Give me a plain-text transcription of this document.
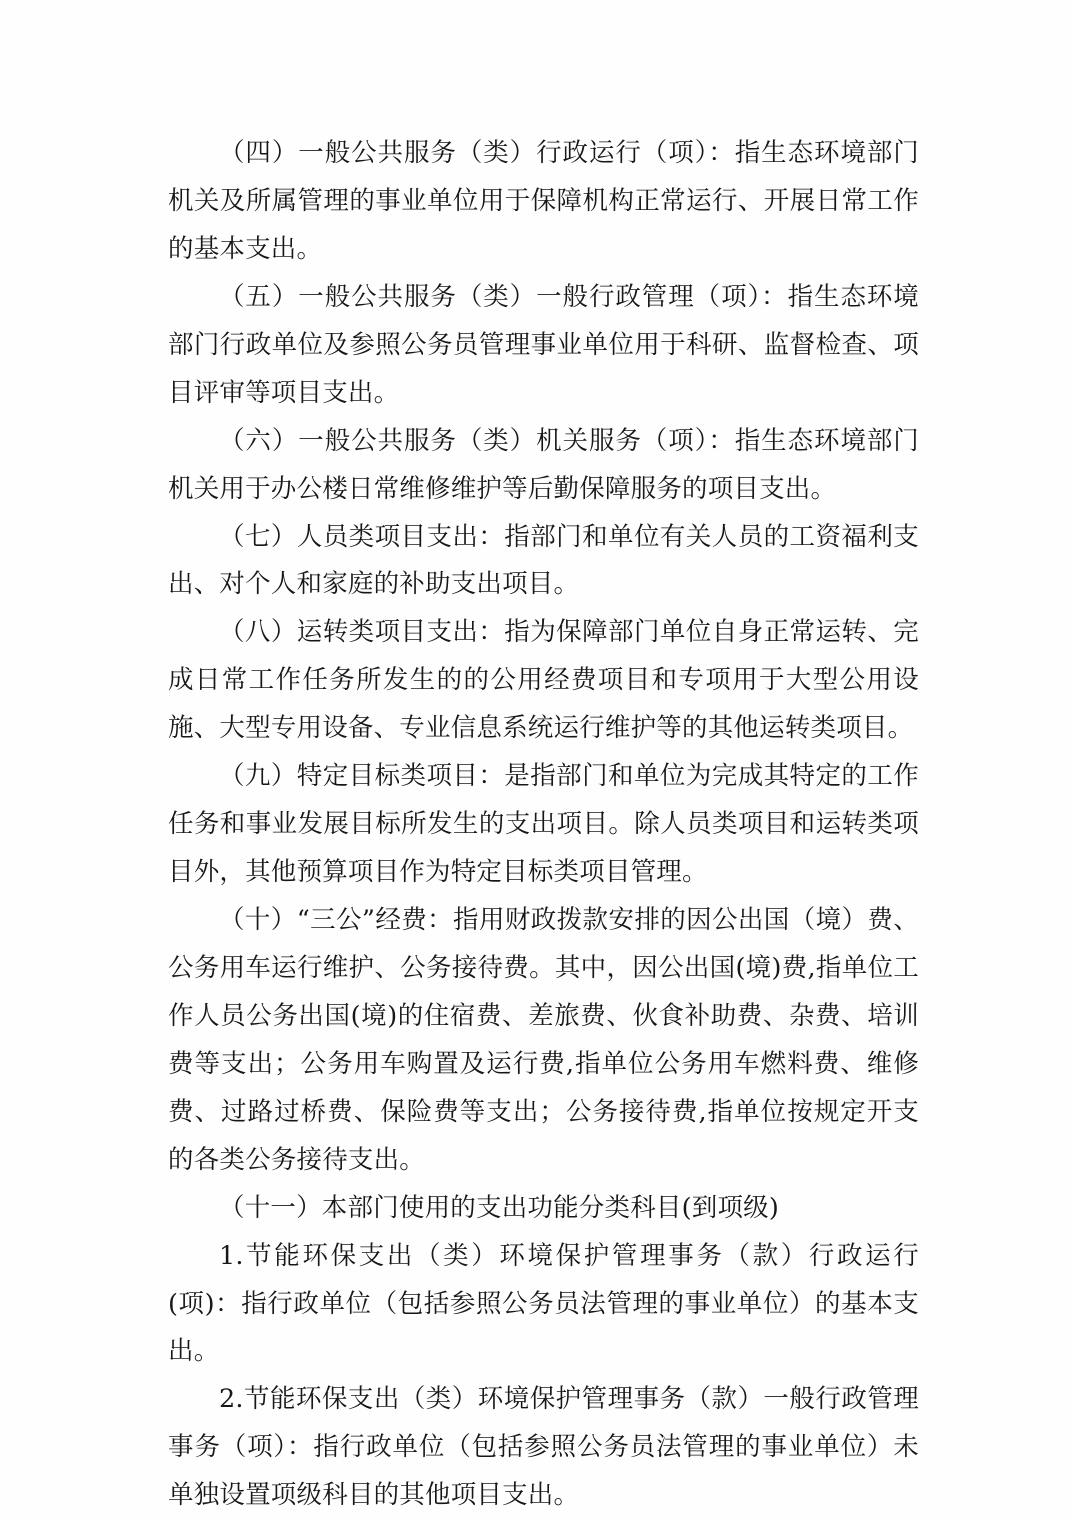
（四）一般公共服务（类）行政运行（项）：指生态环境部门机关及所属管理的事业单位用于保障机构正常运行、开展日常工作的基本支出。

（五）一般公共服务（类）一般行政管理（项）：指生态环境部门行政单位及参照公务员管理事业单位用于科研、监督检查、项目评审等项目支出。

（六）一般公共服务（类）机关服务（项）：指生态环境部门机关用于办公楼日常维修维护等后勤保障服务的项目支出。

（七）人员类项目支出：指部门和单位有关人员的工资福利支出、对个人和家庭的补助支出项目。

（八）运转类项目支出：指为保障部门单位自身正常运转、完成日常工作任务所发生的的公用经费项目和专项用于大型公用设施、大型专用设备、专业信息系统运行维护等的其他运转类项目。

（九）特定目标类项目：是指部门和单位为完成其特定的工作任务和事业发展目标所发生的支出项目。除人员类项目和运转类项目外，其他预算项目作为特定目标类项目管理。

（十）“三公”经费：指用财政拨款安排的因公出国（境）费、公务用车运行维护、公务接待费。其中，因公出国(境)费,指单位工作人员公务出国(境)的住宿费、差旅费、伙食补助费、杂费、培训费等支出；公务用车购置及运行费,指单位公务用车燃料费、维修费、过路过桥费、保险费等支出；公务接待费,指单位按规定开支的各类公务接待支出。

（十一）本部门使用的支出功能分类科目(到项级)

1.节能环保支出（类）环境保护管理事务（款）行政运行(项)：指行政单位（包括参照公务员法管理的事业单位）的基本支出。

2.节能环保支出（类）环境保护管理事务（款）一般行政管理事务（项）：指行政单位（包括参照公务员法管理的事业单位）未单独设置项级科目的其他项目支出。
